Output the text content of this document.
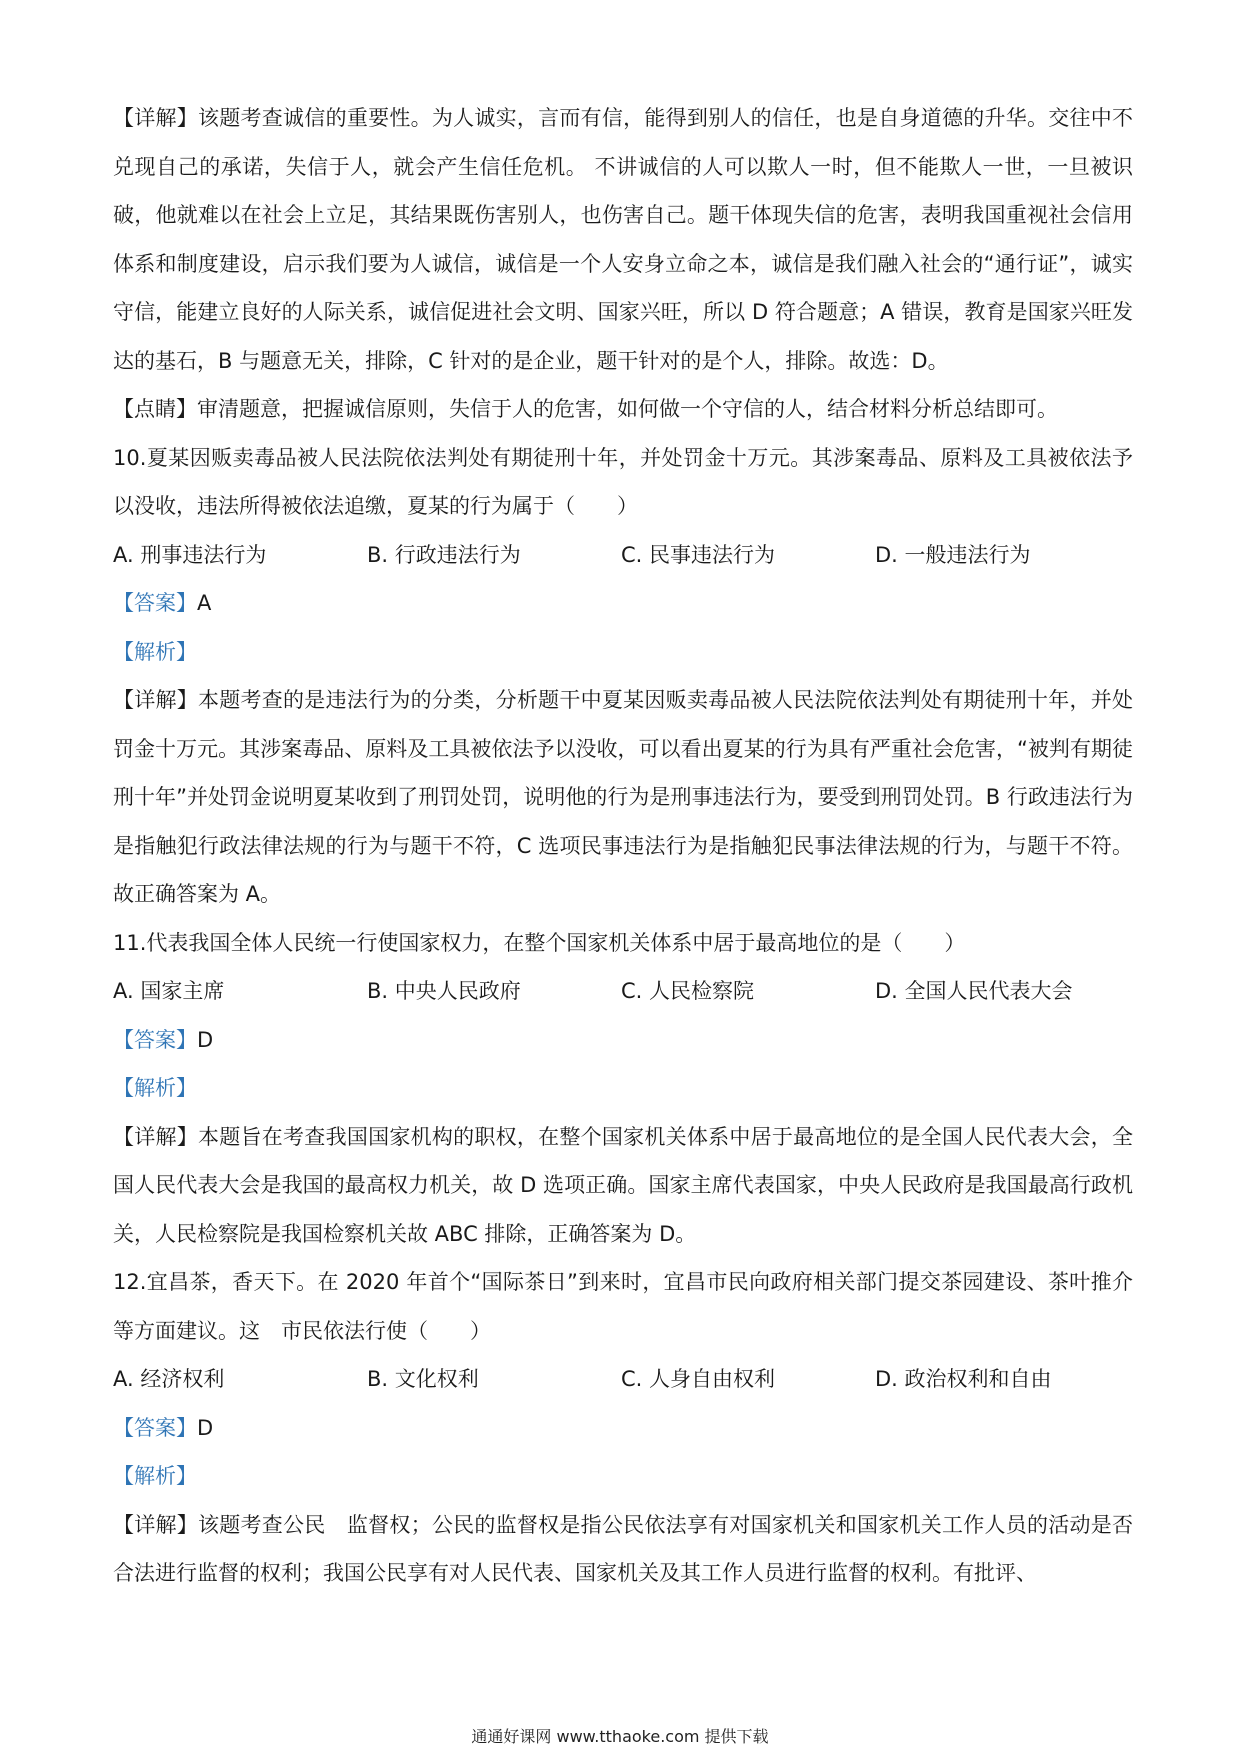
【详解】该题考查诚信的重要性。为人诚实，言而有信，能得到别人的信任，也是自身道德的升华。交往中不兑现自己的承诺，失信于人，就会产生信任危机。 不讲诚信的人可以欺人一时，但不能欺人一世，一旦被识破，他就难以在社会上立足，其结果既伤害别人，也伤害自己。题干体现失信的危害，表明我国重视社会信用体系和制度建设，启示我们要为人诚信，诚信是一个人安身立命之本，诚信是我们融入社会的“通行证”，诚实守信，能建立良好的人际关系，诚信促进社会文明、国家兴旺，所以 D 符合题意；A 错误，教育是国家兴旺发达的基石，B 与题意无关，排除，C 针对的是企业，题干针对的是个人，排除。故选：D。

【点睛】审清题意，把握诚信原则，失信于人的危害，如何做一个守信的人，结合材料分析总结即可。

10.夏某因贩卖毒品被人民法院依法判处有期徒刑十年，并处罚金十万元。其涉案毒品、原料及工具被依法予以没收，违法所得被依法追缴，夏某的行为属于（　　）

A. 刑事违法行为	B. 行政违法行为	C. 民事违法行为	D. 一般违法行为

【答案】A

【解析】

【详解】本题考查的是违法行为的分类，分析题干中夏某因贩卖毒品被人民法院依法判处有期徒刑十年，并处罚金十万元。其涉案毒品、原料及工具被依法予以没收，可以看出夏某的行为具有严重社会危害，“被判有期徒刑十年”并处罚金说明夏某收到了刑罚处罚，说明他的行为是刑事违法行为，要受到刑罚处罚。B 行政违法行为是指触犯行政法律法规的行为与题干不符，C 选项民事违法行为是指触犯民事法律法规的行为，与题干不符。故正确答案为 A。

11.代表我国全体人民统一行使国家权力，在整个国家机关体系中居于最高地位的是（　　）

A. 国家主席	B. 中央人民政府	C. 人民检察院	D. 全国人民代表大会

【答案】D

【解析】

【详解】本题旨在考查我国国家机构的职权，在整个国家机关体系中居于最高地位的是全国人民代表大会，全国人民代表大会是我国的最高权力机关，故 D 选项正确。国家主席代表国家，中央人民政府是我国最高行政机关，人民检察院是我国检察机关故 ABC 排除，正确答案为 D。

12.宜昌茶，香天下。在 2020 年首个“国际茶日”到来时，宜昌市民向政府相关部门提交茶园建设、茶叶推介等方面建议。这　市民依法行使（　　）

A. 经济权利	B. 文化权利	C. 人身自由权利	D. 政治权利和自由

【答案】D

【解析】

【详解】该题考查公民　监督权；公民的监督权是指公民依法享有对国家机关和国家机关工作人员的活动是否合法进行监督的权利；我国公民享有对人民代表、国家机关及其工作人员进行监督的权利。有批评、

通通好课网 www.tthaoke.com 提供下载
